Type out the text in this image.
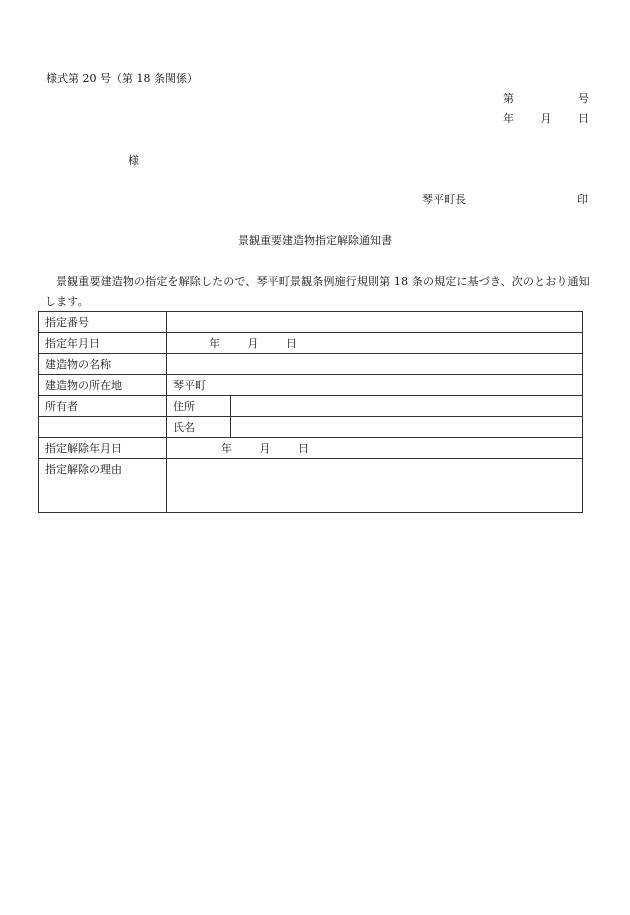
様式第 20 号（第 18 条関係）
第	号
年 月 日
様
琴平町長	印
景観重要建造物指定解除通知書
景観重要建造物の指定を解除したので、琴平町景観条例施行規則第 18 条の規定に基づき、次のとおり通知します。
指定番号		
指定年月日	年 月 日	
建造物の名称		
建造物の所在地	琴平町	
所有者	住所	
	氏名	
指定解除年月日	年 月 日	
指定解除の理由		
